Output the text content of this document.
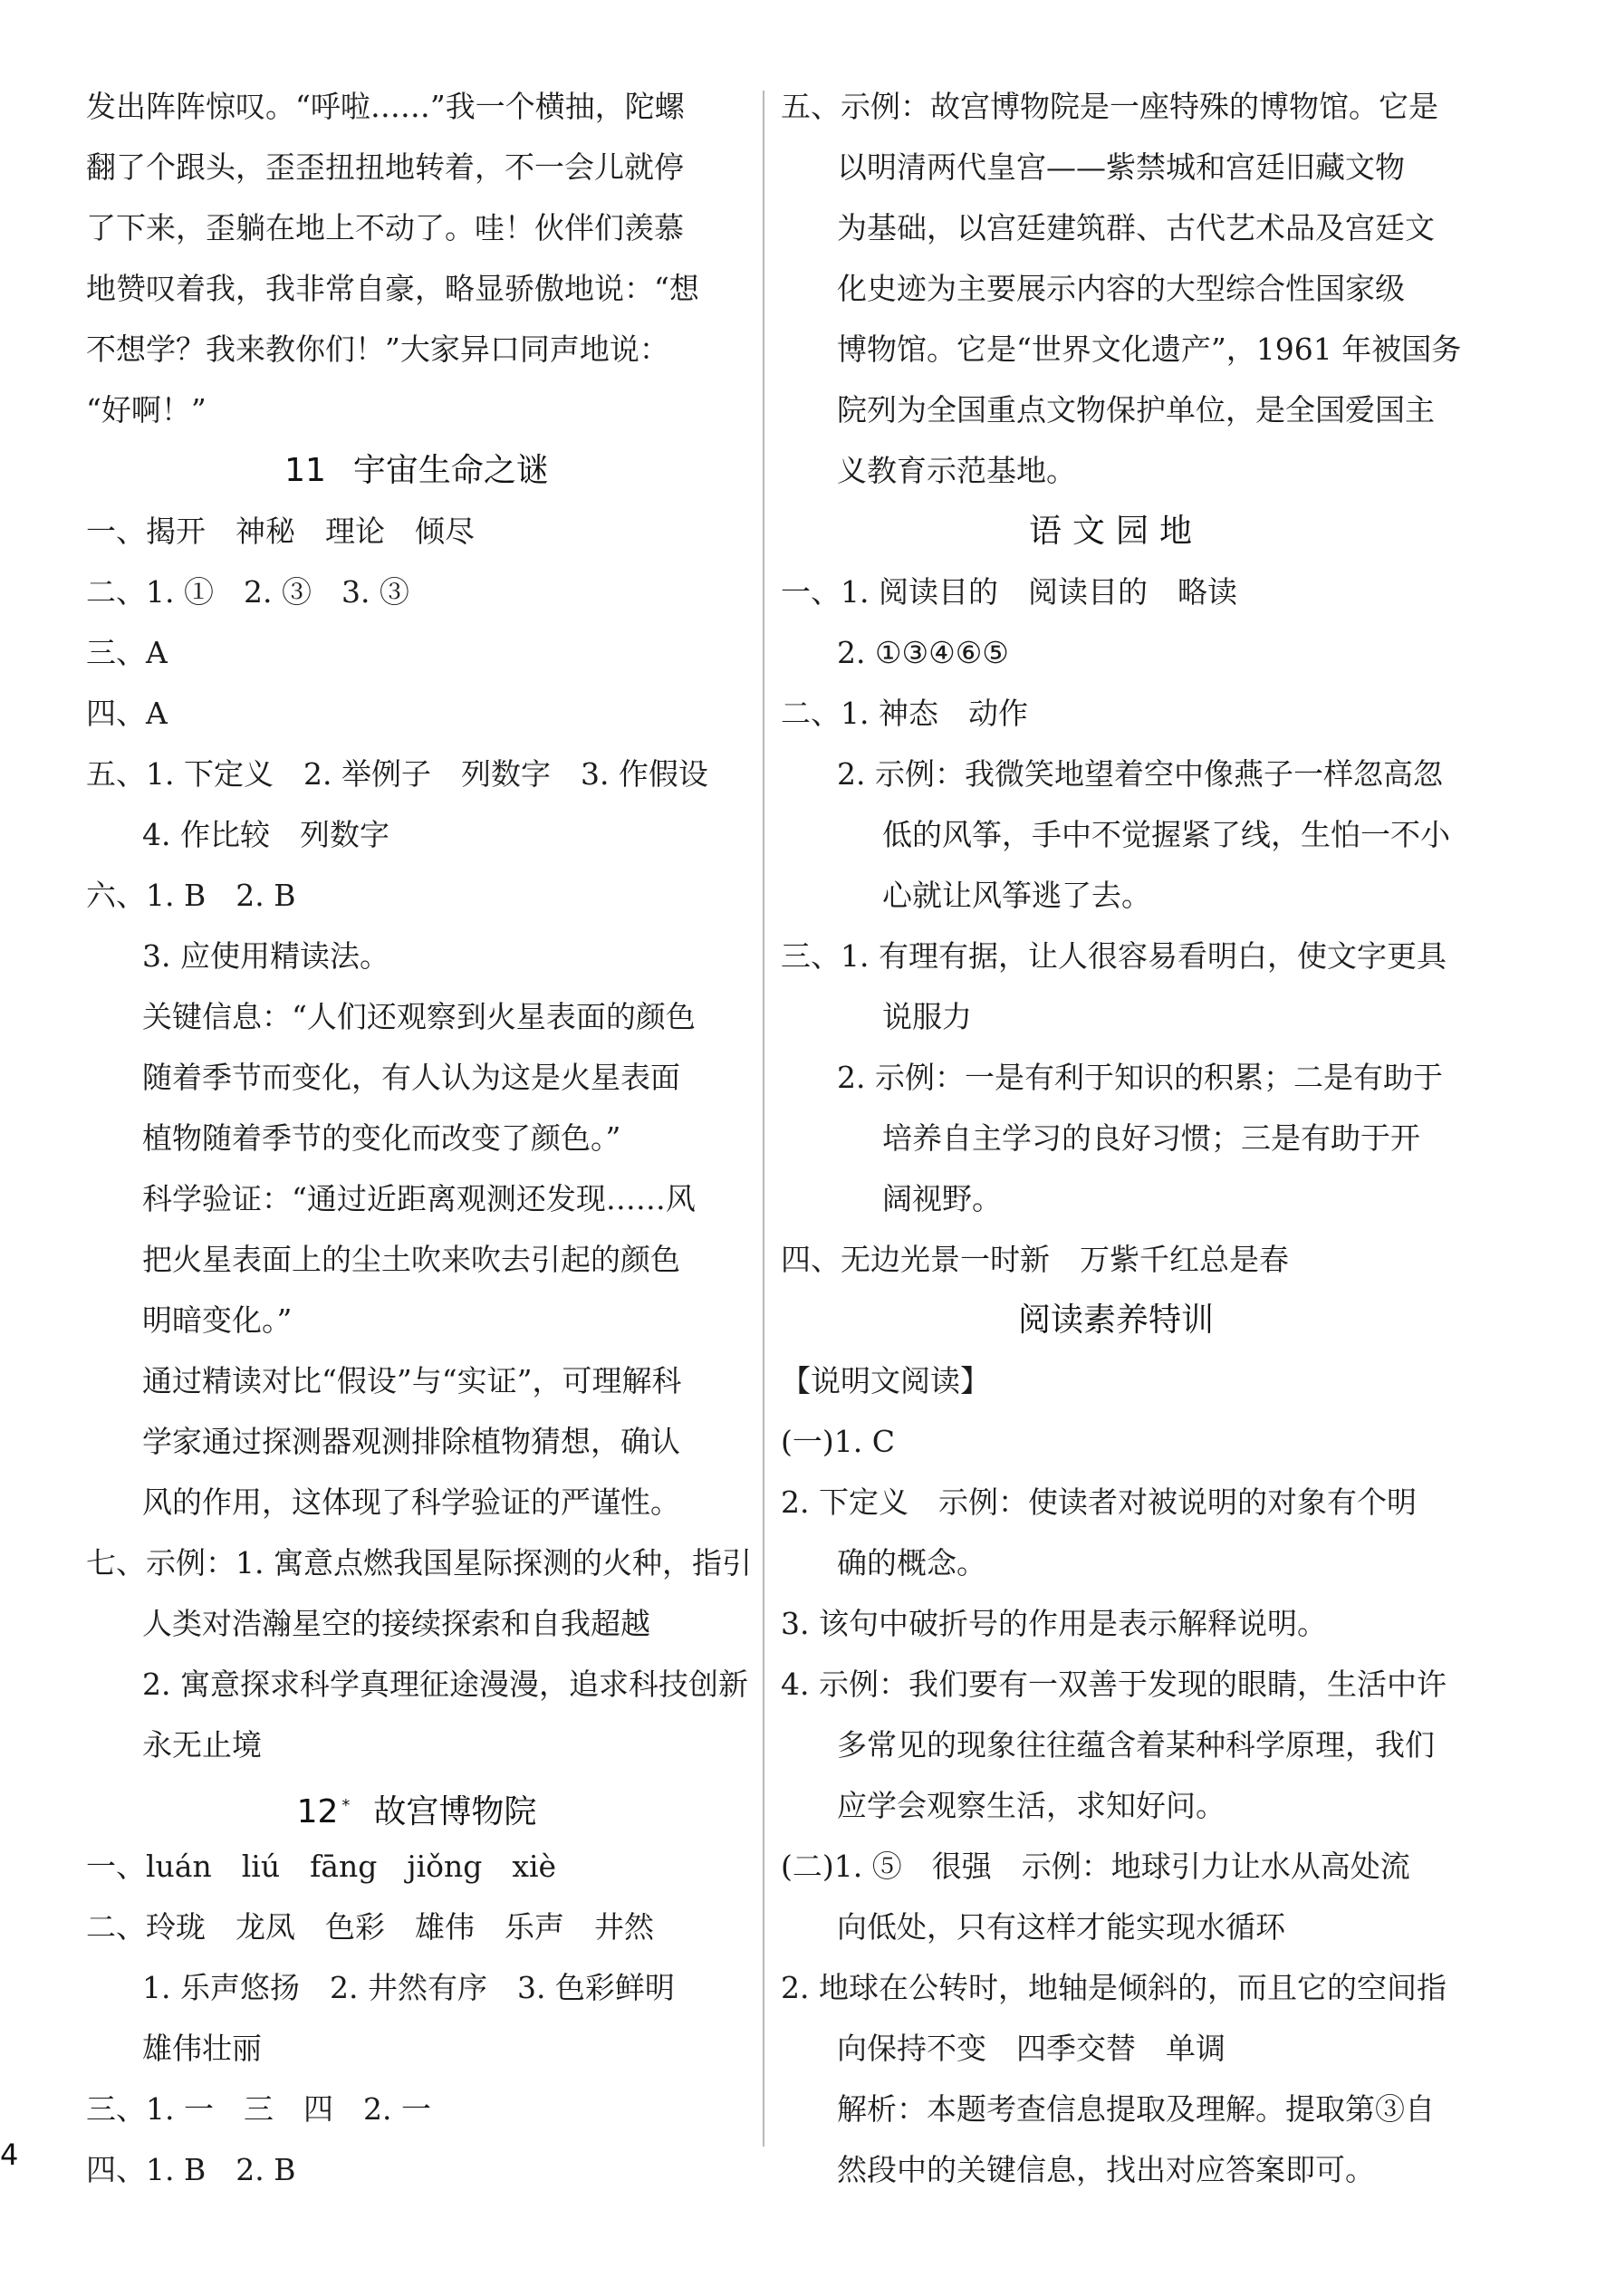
发出阵阵惊叹。“呼啦……”我一个横抽，陀螺
翻了个跟头，歪歪扭扭地转着，不一会儿就停
了下来，歪躺在地上不动了。哇！伙伴们羡慕
地赞叹着我，我非常自豪，略显骄傲地说：“想
不想学？我来教你们！”大家异口同声地说：
“好啊！”
11 宇宙生命之谜
一、揭开　神秘　理论　倾尽
二、1. ①　2. ③　3. ③
三、A
四、A
五、1. 下定义　2. 举例子　列数字　3. 作假设
4. 作比较　列数字
六、1. B　2. B
3. 应使用精读法。
关键信息：“人们还观察到火星表面的颜色
随着季节而变化，有人认为这是火星表面
植物随着季节的变化而改变了颜色。”
科学验证：“通过近距离观测还发现……风
把火星表面上的尘土吹来吹去引起的颜色
明暗变化。”
通过精读对比“假设”与“实证”，可理解科
学家通过探测器观测排除植物猜想，确认
风的作用，这体现了科学验证的严谨性。
七、示例：1. 寓意点燃我国星际探测的火种，指引
人类对浩瀚星空的接续探索和自我超越
2. 寓意探求科学真理征途漫漫，追求科技创新
永无止境
12 * 故宫博物院
一、luán　liú　fāng　jiǒng　xiè
二、玲珑　龙凤　色彩　雄伟　乐声　井然
1. 乐声悠扬　2. 井然有序　3. 色彩鲜明
雄伟壮丽
三、1. 一　三　四　2. 一
四、1. B　2. B
五、示例：故宫博物院是一座特殊的博物馆。它是
以明清两代皇宫——紫禁城和宫廷旧藏文物
为基础，以宫廷建筑群、古代艺术品及宫廷文
化史迹为主要展示内容的大型综合性国家级
博物馆。它是“世界文化遗产”，1961 年被国务
院列为全国重点文物保护单位，是全国爱国主
义教育示范基地。
语文园地
一、1. 阅读目的　阅读目的　略读
2. ①③④⑥⑤
二、1. 神态　动作
2. 示例：我微笑地望着空中像燕子一样忽高忽
低的风筝，手中不觉握紧了线，生怕一不小
心就让风筝逃了去。
三、1. 有理有据，让人很容易看明白，使文字更具
说服力
2. 示例：一是有利于知识的积累；二是有助于
培养自主学习的良好习惯；三是有助于开
阔视野。
四、无边光景一时新　万紫千红总是春
阅读素养特训
【说明文阅读】
(一)1. C
2. 下定义　示例：使读者对被说明的对象有个明
确的概念。
3. 该句中破折号的作用是表示解释说明。
4. 示例：我们要有一双善于发现的眼睛，生活中许
多常见的现象往往蕴含着某种科学原理，我们
应学会观察生活，求知好问。
(二)1. ⑤　很强　示例：地球引力让水从高处流
向低处，只有这样才能实现水循环
2. 地球在公转时，地轴是倾斜的，而且它的空间指
向保持不变　四季交替　单调
解析：本题考查信息提取及理解。提取第③自
然段中的关键信息，找出对应答案即可。
4
